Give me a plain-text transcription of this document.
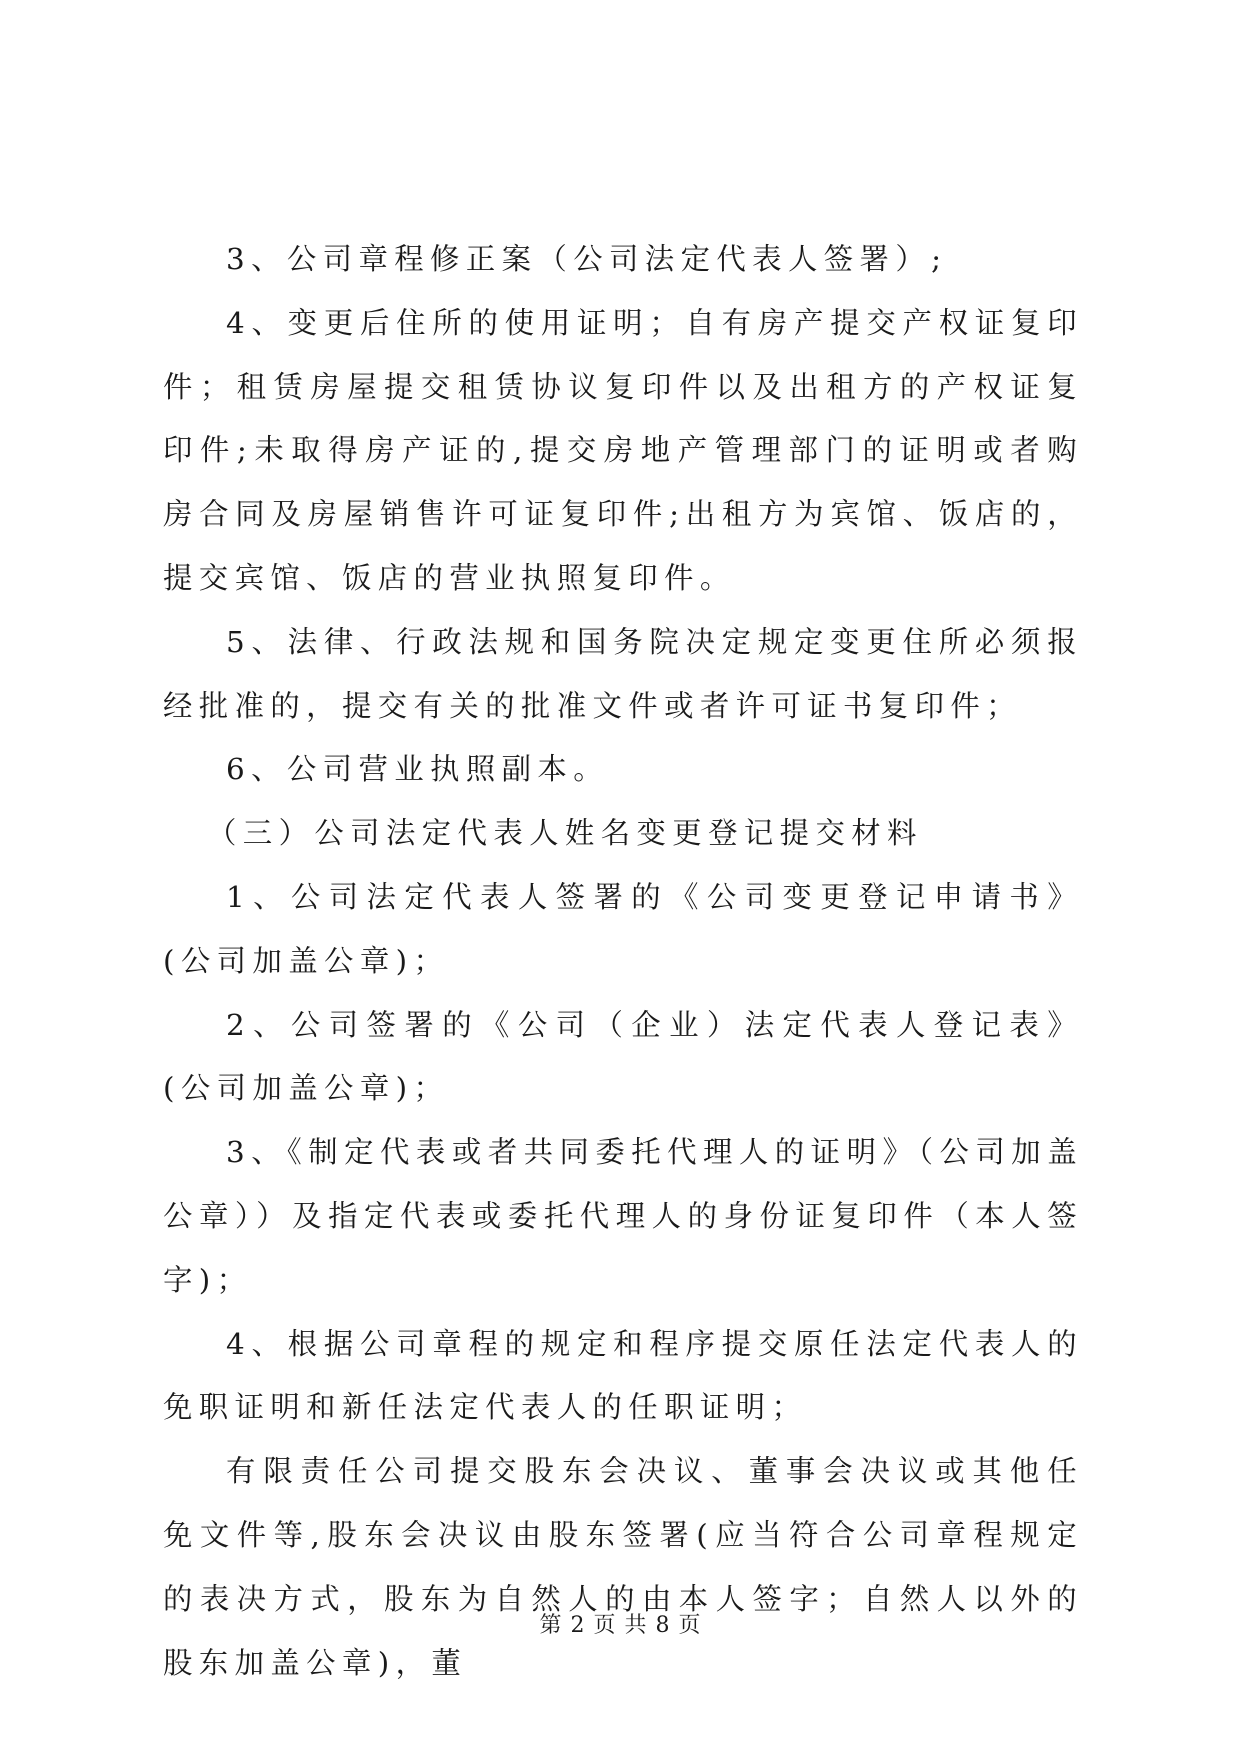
3、公司章程修正案（公司法定代表人签署）;

4、变更后住所的使用证明；自有房产提交产权证复印件；租赁房屋提交租赁协议复印件以及出租方的产权证复印件;未取得房产证的,提交房地产管理部门的证明或者购房合同及房屋销售许可证复印件;出租方为宾馆、饭店的，提交宾馆、饭店的营业执照复印件。

5、法律、行政法规和国务院决定规定变更住所必须报经批准的，提交有关的批准文件或者许可证书复印件；

6、公司营业执照副本。

（三）公司法定代表人姓名变更登记提交材料

1、公司法定代表人签署的《公司变更登记申请书》(公司加盖公章)；

2、公司签署的《公司（企业）法定代表人登记表》(公司加盖公章)；

3、《制定代表或者共同委托代理人的证明》（公司加盖公章））及指定代表或委托代理人的身份证复印件（本人签字)；

4、根据公司章程的规定和程序提交原任法定代表人的免职证明和新任法定代表人的任职证明；

有限责任公司提交股东会决议、董事会决议或其他任免文件等,股东会决议由股东签署(应当符合公司章程规定的表决方式，股东为自然人的由本人签字；自然人以外的股东加盖公章)，董

第 2 页 共 8 页
